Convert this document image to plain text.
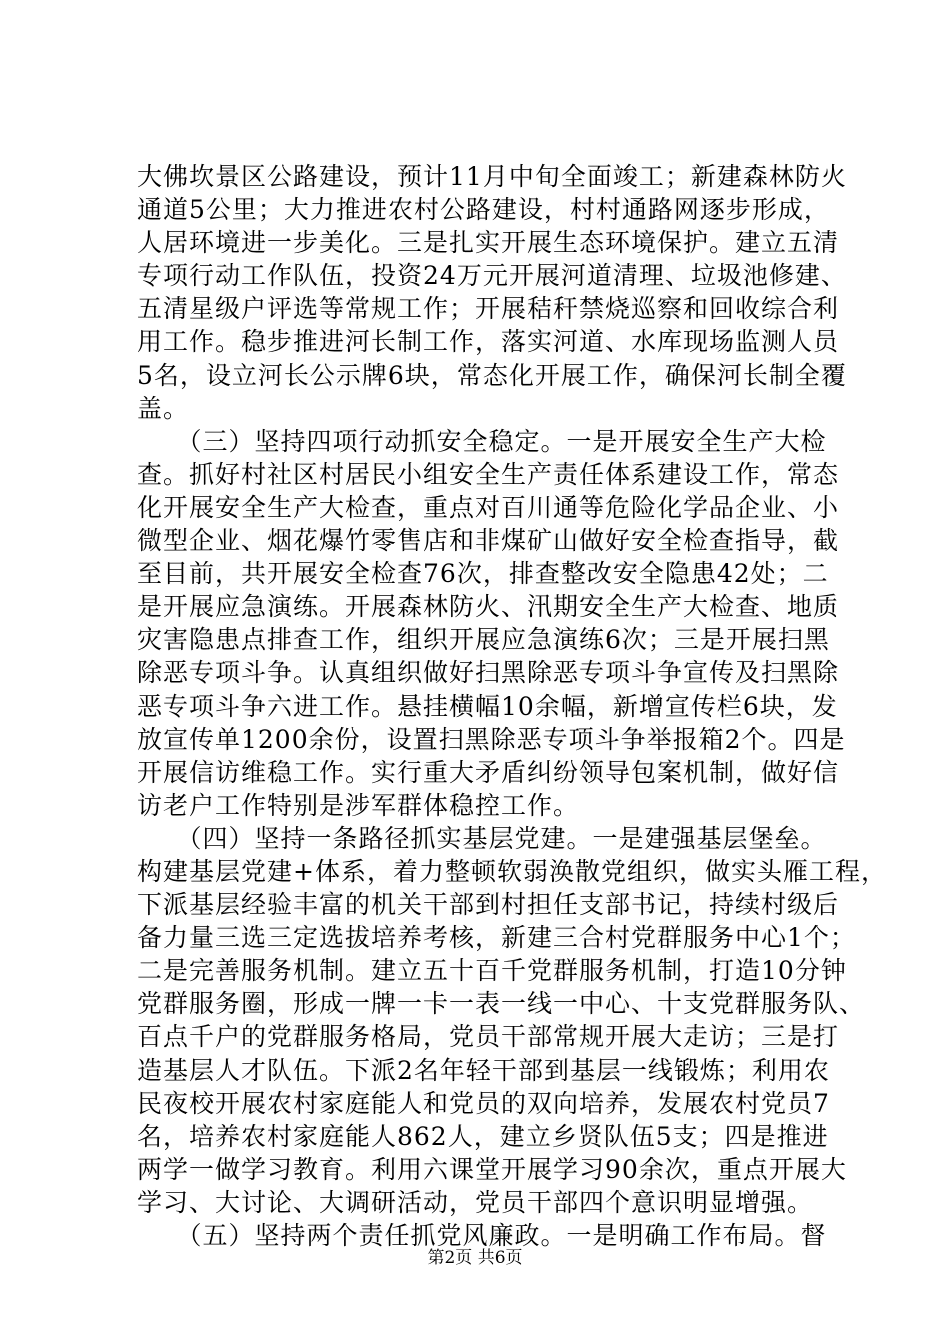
大佛坎景区公路建设，预计11月中旬全面竣工；新建森林防火
通道5公里；大力推进农村公路建设，村村通路网逐步形成，
人居环境进一步美化。三是扎实开展生态环境保护。建立五清
专项行动工作队伍，投资24万元开展河道清理、垃圾池修建、
五清星级户评选等常规工作；开展秸秆禁烧巡察和回收综合利
用工作。稳步推进河长制工作，落实河道、水库现场监测人员
5名，设立河长公示牌6块，常态化开展工作，确保河长制全覆
盖。
　　（三）坚持四项行动抓安全稳定。一是开展安全生产大检
查。抓好村社区村居民小组安全生产责任体系建设工作，常态
化开展安全生产大检查，重点对百川通等危险化学品企业、小
微型企业、烟花爆竹零售店和非煤矿山做好安全检查指导，截
至目前，共开展安全检查76次，排查整改安全隐患42处；二
是开展应急演练。开展森林防火、汛期安全生产大检查、地质
灾害隐患点排查工作，组织开展应急演练6次；三是开展扫黑
除恶专项斗争。认真组织做好扫黑除恶专项斗争宣传及扫黑除
恶专项斗争六进工作。悬挂横幅10余幅，新增宣传栏6块，发
放宣传单1200余份，设置扫黑除恶专项斗争举报箱2个。四是
开展信访维稳工作。实行重大矛盾纠纷领导包案机制，做好信
访老户工作特别是涉军群体稳控工作。
　　（四）坚持一条路径抓实基层党建。一是建强基层堡垒。
构建基层党建+体系，着力整顿软弱涣散党组织，做实头雁工程，
下派基层经验丰富的机关干部到村担任支部书记，持续村级后
备力量三选三定选拔培养考核，新建三合村党群服务中心1个；
二是完善服务机制。建立五十百千党群服务机制，打造10分钟
党群服务圈，形成一牌一卡一表一线一中心、十支党群服务队、
百点千户的党群服务格局，党员干部常规开展大走访；三是打
造基层人才队伍。下派2名年轻干部到基层一线锻炼；利用农
民夜校开展农村家庭能人和党员的双向培养，发展农村党员7
名，培养农村家庭能人862人，建立乡贤队伍5支；四是推进
两学一做学习教育。利用六课堂开展学习90余次，重点开展大
学习、大讨论、大调研活动，党员干部四个意识明显增强。
　　（五）坚持两个责任抓党风廉政。一是明确工作布局。督
第2页 共6页
